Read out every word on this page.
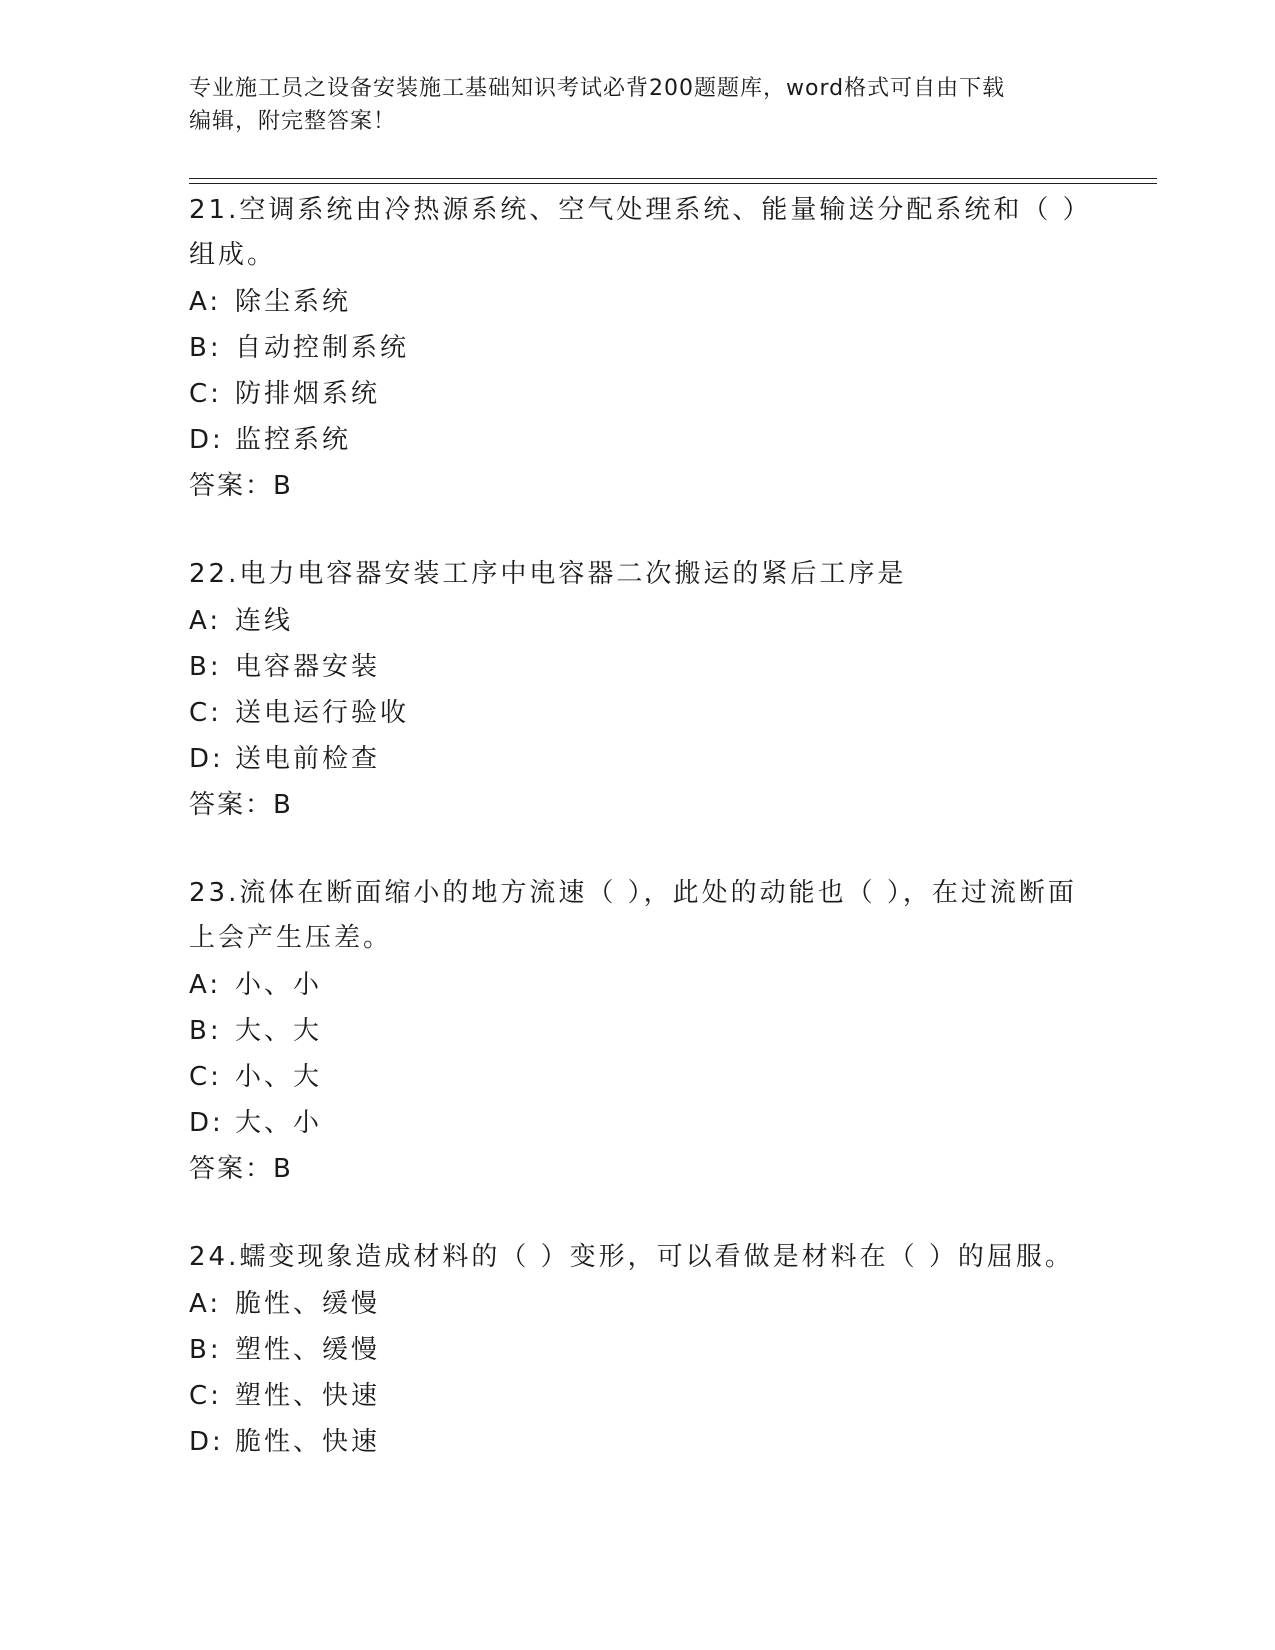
专业施工员之设备安装施工基础知识考试必背200题题库，word格式可自由下载
编辑，附完整答案！
21.空调系统由冷热源系统、空气处理系统、能量输送分配系统和（ ）组成。
A: 除尘系统
B: 自动控制系统
C: 防排烟系统
D: 监控系统
答案：B
22.电力电容器安装工序中电容器二次搬运的紧后工序是
A: 连线
B: 电容器安装
C: 送电运行验收
D: 送电前检查
答案：B
23.流体在断面缩小的地方流速（ ），此处的动能也（ ），在过流断面上会产生压差。
A: 小、小
B: 大、大
C: 小、大
D: 大、小
答案：B
24.蠕变现象造成材料的（ ）变形，可以看做是材料在（ ）的屈服。
A: 脆性、缓慢
B: 塑性、缓慢
C: 塑性、快速
D: 脆性、快速
